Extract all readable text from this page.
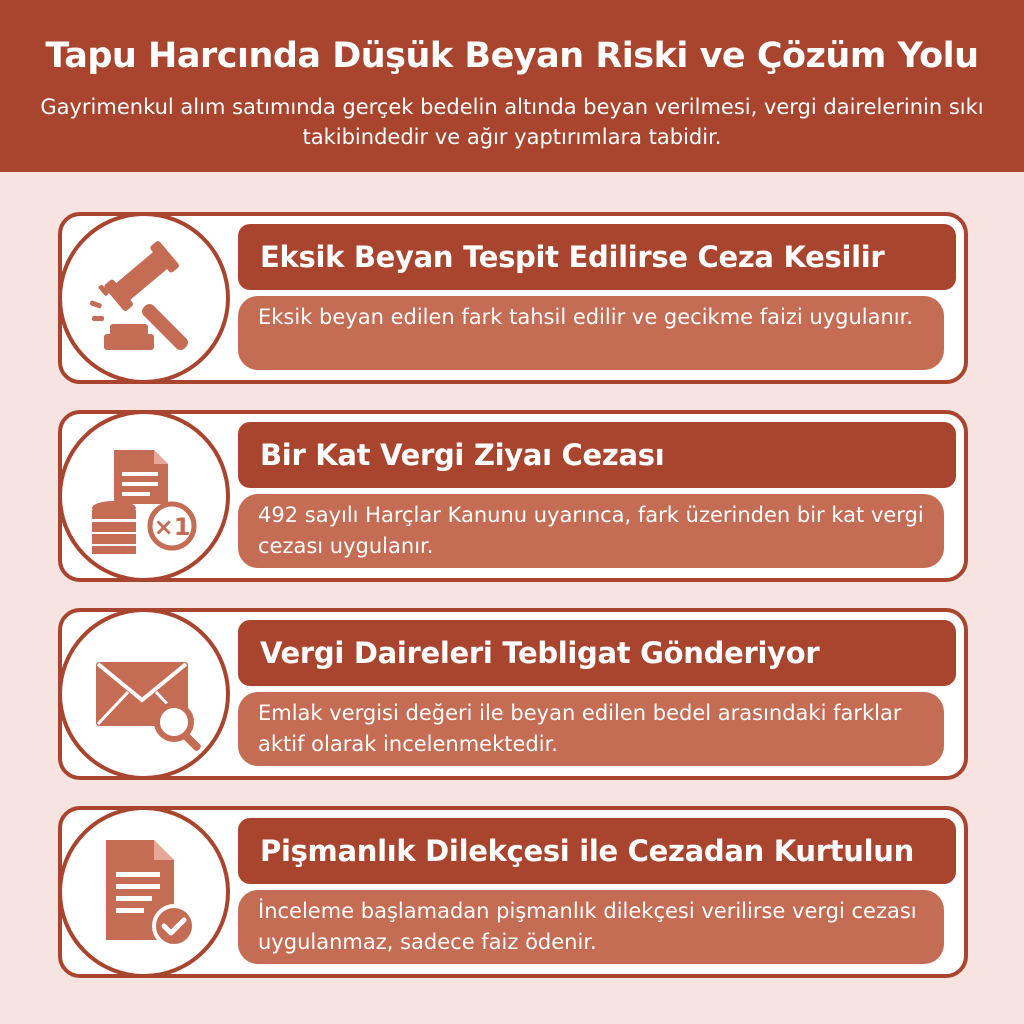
Tapu Harcında Düşük Beyan Riski ve Çözüm Yolu
Gayrimenkul alım satımında gerçek bedelin altında beyan verilmesi, vergi dairelerinin sıkı takibindedir ve ağır yaptırımlara tabidir.
Eksik Beyan Tespit Edilirse Ceza Kesilir
Eksik beyan edilen fark tahsil edilir ve gecikme faizi uygulanır.
×1
Bir Kat Vergi Ziyaı Cezası
492 sayılı Harçlar Kanunu uyarınca, fark üzerinden bir kat vergi cezası uygulanır.
Vergi Daireleri Tebligat Gönderiyor
Emlak vergisi değeri ile beyan edilen bedel arasındaki farklar aktif olarak incelenmektedir.
Pişmanlık Dilekçesi ile Cezadan Kurtulun
İnceleme başlamadan pişmanlık dilekçesi verilirse vergi cezası uygulanmaz, sadece faiz ödenir.
